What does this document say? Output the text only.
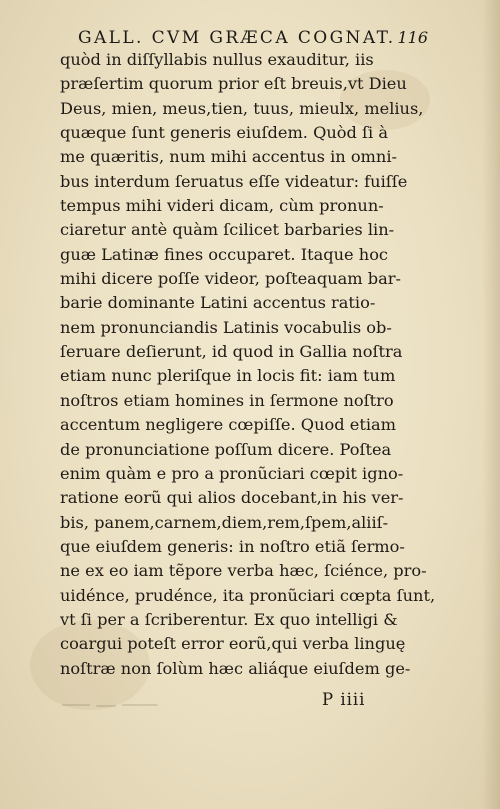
GALL. CVM GRÆCA COGNAT. 116
quòd in diſſyllabis nullus exauditur, iis
præſertim quorum prior eſt breuis,vt Dieu
Deus, mien, meus,tien, tuus, mieulx, melius,
quæque ſunt generis eiuſdem. Quòd ſi à
me quæritis, num mihi accentus in omni-
bus interdum ſeruatus eſſe videatur: fuiſſe
tempus mihi videri dicam, cùm pronun-
ciaretur antè quàm ſcilicet barbaries lin-
guæ Latinæ fines occuparet. Itaque hoc
mihi dicere poſſe videor, poſteaquam bar-
barie dominante Latini accentus ratio-
nem pronunciandis Latinis vocabulis ob-
ſeruare deſierunt, id quod in Gallia noſtra
etiam nunc pleriſque in locis fit: iam tum
noſtros etiam homines in ſermone noſtro
accentum negligere cœpiſſe. Quod etiam
de pronunciatione poſſum dicere. Poſtea
enim quàm e pro a pronũciari cœpit igno-
ratione eorũ qui alios docebant,in his ver-
bis, panem,carnem,diem,rem,ſpem,aliiſ-
que eiuſdem generis: in noſtro etiã ſermo-
ne ex eo iam tẽpore verba hæc, ſciénce, pro-
uidénce, prudénce, ita pronũciari cœpta ſunt,
vt ſi per a ſcriberentur. Ex quo intelligi &
coargui poteſt error eorũ,qui verba linguę
noſtræ non ſolùm hæc aliáque eiuſdem ge-
P iiii
